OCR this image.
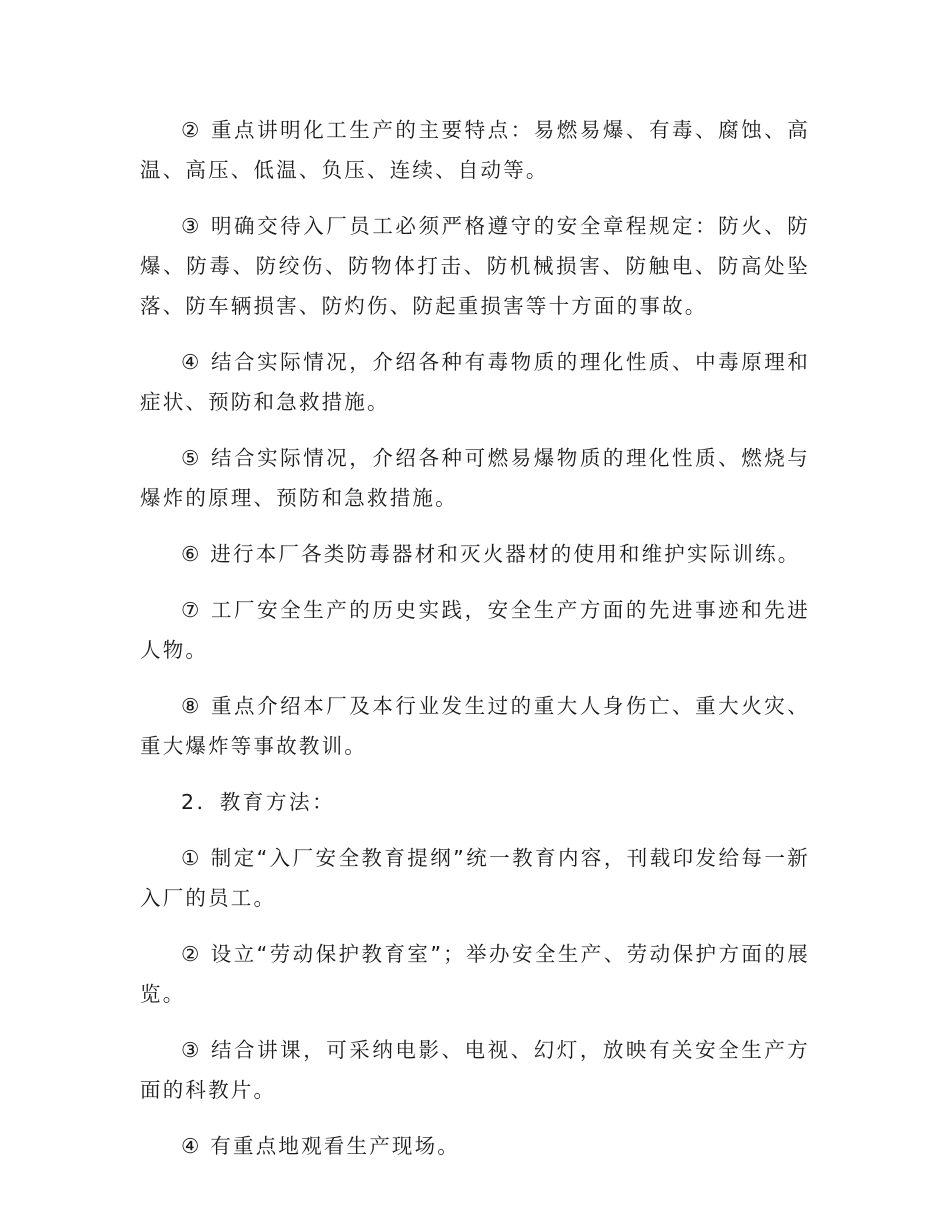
② 重点讲明化工生产的主要特点：易燃易爆、有毒、腐蚀、高温、高压、低温、负压、连续、自动等。

③ 明确交待入厂员工必须严格遵守的安全章程规定：防火、防爆、防毒、防绞伤、防物体打击、防机械损害、防触电、防高处坠落、防车辆损害、防灼伤、防起重损害等十方面的事故。

④ 结合实际情况，介绍各种有毒物质的理化性质、中毒原理和症状、预防和急救措施。

⑤ 结合实际情况，介绍各种可燃易爆物质的理化性质、燃烧与爆炸的原理、预防和急救措施。

⑥ 进行本厂各类防毒器材和灭火器材的使用和维护实际训练。

⑦ 工厂安全生产的历史实践，安全生产方面的先进事迹和先进人物。

⑧ 重点介绍本厂及本行业发生过的重大人身伤亡、重大火灾、重大爆炸等事故教训。

2．教育方法：

① 制定“入厂安全教育提纲”统一教育内容，刊载印发给每一新入厂的员工。

② 设立“劳动保护教育室”；举办安全生产、劳动保护方面的展览。

③ 结合讲课，可采纳电影、电视、幻灯，放映有关安全生产方面的科教片。

④ 有重点地观看生产现场。
